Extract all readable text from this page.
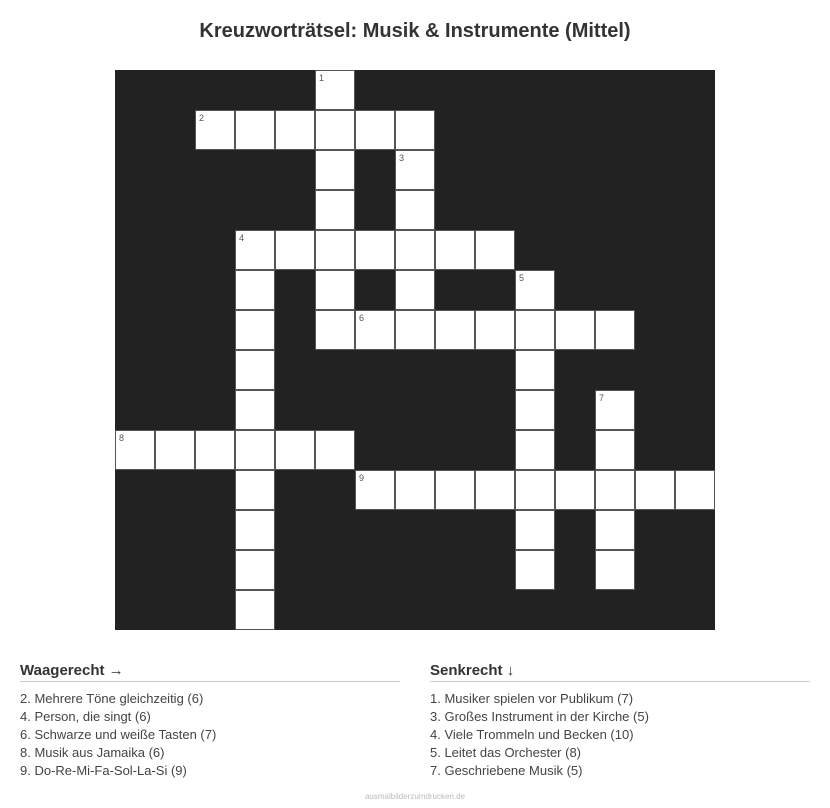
Kreuzworträtsel: Musik & Instrumente (Mittel)
1
2
3
4
5
6
7
8
9
Waagerecht →
2. Mehrere Töne gleichzeitig (6)
4. Person, die singt (6)
6. Schwarze und weiße Tasten (7)
8. Musik aus Jamaika (6)
9. Do-Re-Mi-Fa-Sol-La-Si (9)
Senkrecht ↓
1. Musiker spielen vor Publikum (7)
3. Großes Instrument in der Kirche (5)
4. Viele Trommeln und Becken (10)
5. Leitet das Orchester (8)
7. Geschriebene Musik (5)
ausmalbilderzumdrucken.de
